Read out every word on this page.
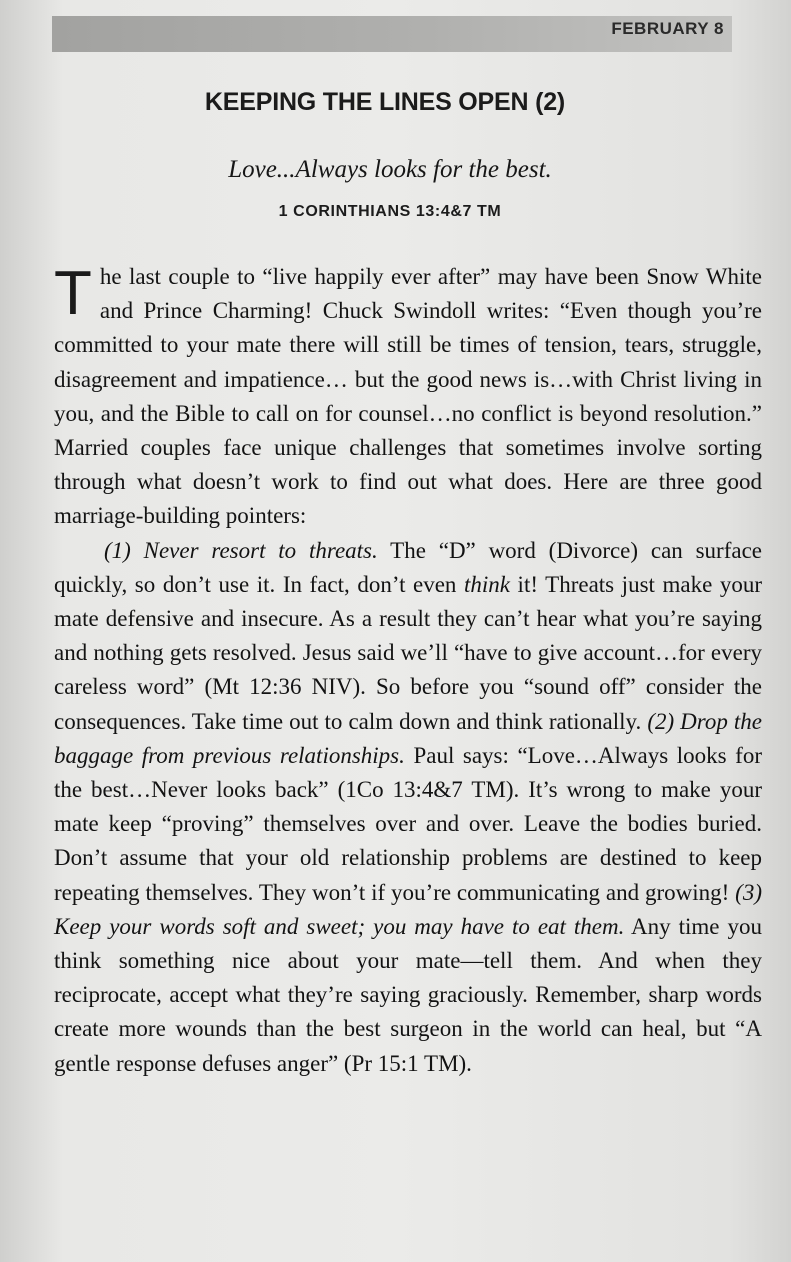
FEBRUARY 8
KEEPING THE LINES OPEN (2)
Love...Always looks for the best.
1 CORINTHIANS 13:4&7 TM

The last couple to “live happily ever after” may have been Snow White and Prince Charming! Chuck Swindoll writes: “Even though you’re committed to your mate there will still be times of tension, tears, struggle, disagreement and impatience… but the good news is…with Christ living in you, and the Bible to call on for counsel…no conflict is beyond resolution.” Married couples face unique challenges that sometimes involve sorting through what doesn’t work to find out what does. Here are three good marriage-building pointers:

(1) Never resort to threats. The “D” word (Divorce) can surface quickly, so don’t use it. In fact, don’t even think it! Threats just make your mate defensive and insecure. As a result they can’t hear what you’re saying and nothing gets resolved. Jesus said we’ll “have to give account…for every careless word” (Mt 12:36 NIV). So before you “sound off” consider the consequences. Take time out to calm down and think rationally. (2) Drop the baggage from previous relationships. Paul says: “Love…Always looks for the best…Never looks back” (1Co 13:4&7 TM). It’s wrong to make your mate keep “proving” themselves over and over. Leave the bodies buried. Don’t assume that your old relationship problems are destined to keep repeating themselves. They won’t if you’re communicating and growing! (3) Keep your words soft and sweet; you may have to eat them. Any time you think something nice about your mate—tell them. And when they reciprocate, accept what they’re saying graciously. Remember, sharp words create more wounds than the best surgeon in the world can heal, but “A gentle response defuses anger” (Pr 15:1 TM).
